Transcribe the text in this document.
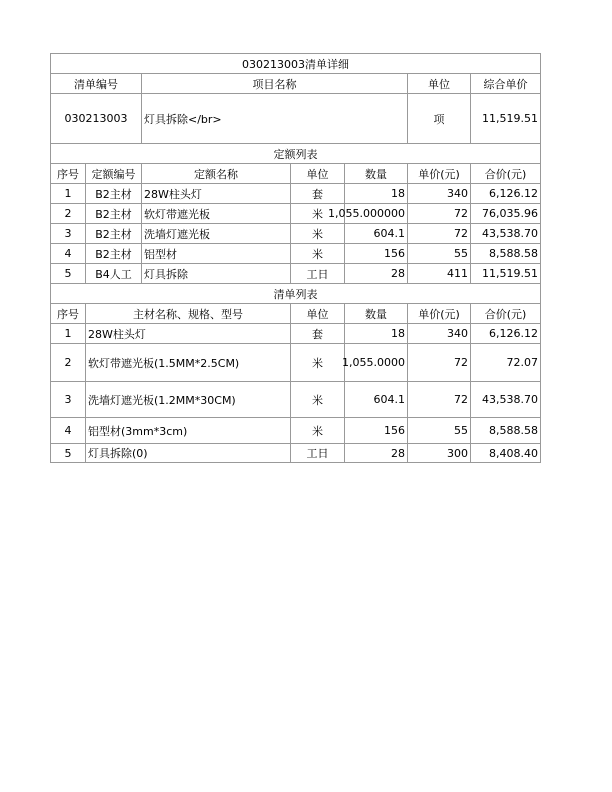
030213003清单详细
清单编号	项目名称	单位	综合单价
030213003	灯具拆除</br>	项	11,519.51
定额列表
序号	定额编号	定额名称	单位	数量	单价(元)	合价(元)
1	B2主材	28W柱头灯	套	18	340	6,126.12
2	B2主材	软灯带遮光板	米 1,055.000000	72	76,035.96
3	B2主材	洗墙灯遮光板	米	604.1	72	43,538.70
4	B2主材	铝型材	米	156	55	8,588.58
5	B4人工	灯具拆除	工日	28	411	11,519.51
清单列表
序号	主材名称、规格、型号	单位	数量	单价(元)	合价(元)
1	28W柱头灯	套	18	340	6,126.12
2	软灯带遮光板(1.5MM*2.5CM)	米	1,055.0000	72	72.07
3	洗墙灯遮光板(1.2MM*30CM)	米	604.1	72	43,538.70
4	铝型材(3mm*3cm)	米	156	55	8,588.58
5	灯具拆除(0)	工日	28	300	8,408.40
